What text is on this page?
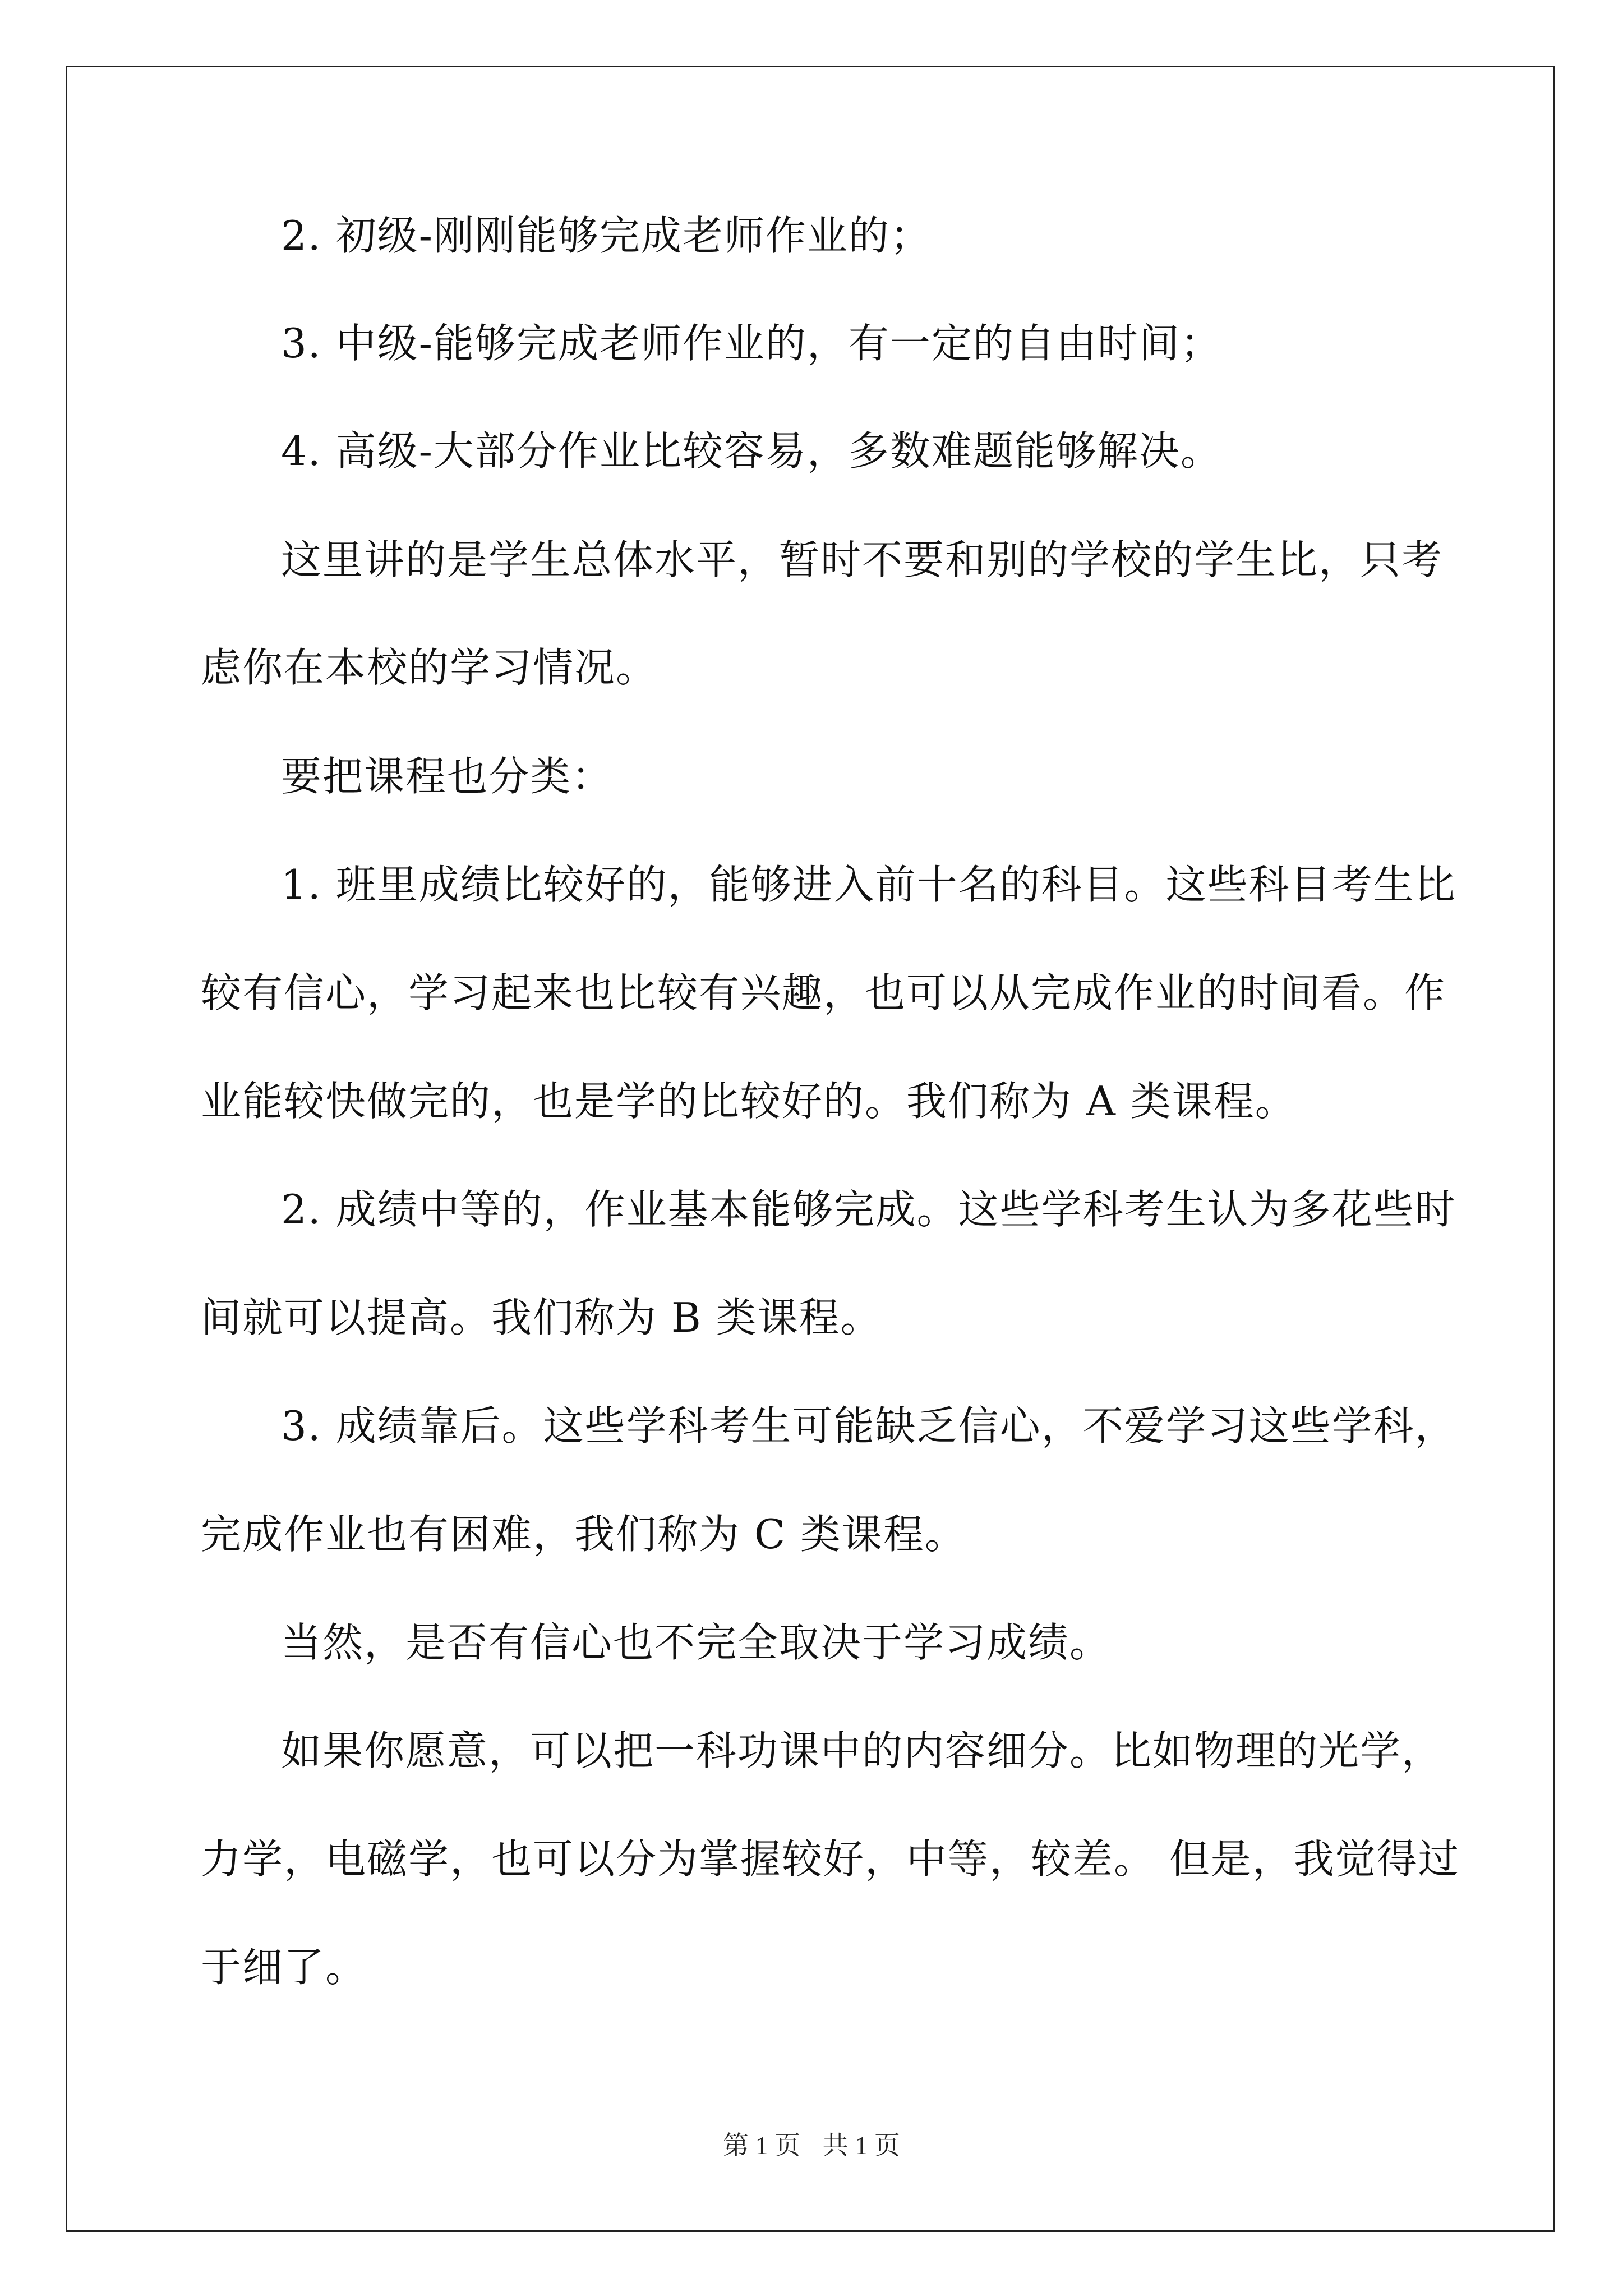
2. 初级-刚刚能够完成老师作业的；
3. 中级-能够完成老师作业的，有一定的自由时间；
4. 高级-大部分作业比较容易，多数难题能够解决。
这里讲的是学生总体水平，暂时不要和别的学校的学生比，只考
虑你在本校的学习情况。
要把课程也分类：
1. 班里成绩比较好的，能够进入前十名的科目。这些科目考生比
较有信心，学习起来也比较有兴趣，也可以从完成作业的时间看。作
业能较快做完的，也是学的比较好的。我们称为 A 类课程。
2. 成绩中等的，作业基本能够完成。这些学科考生认为多花些时
间就可以提高。我们称为 B 类课程。
3. 成绩靠后。这些学科考生可能缺乏信心，不爱学习这些学科，
完成作业也有困难，我们称为 C 类课程。
当然，是否有信心也不完全取决于学习成绩。
如果你愿意，可以把一科功课中的内容细分。比如物理的光学，
力学，电磁学，也可以分为掌握较好，中等，较差。 但是，我觉得过
于细了。
第 1 页 共 1 页
